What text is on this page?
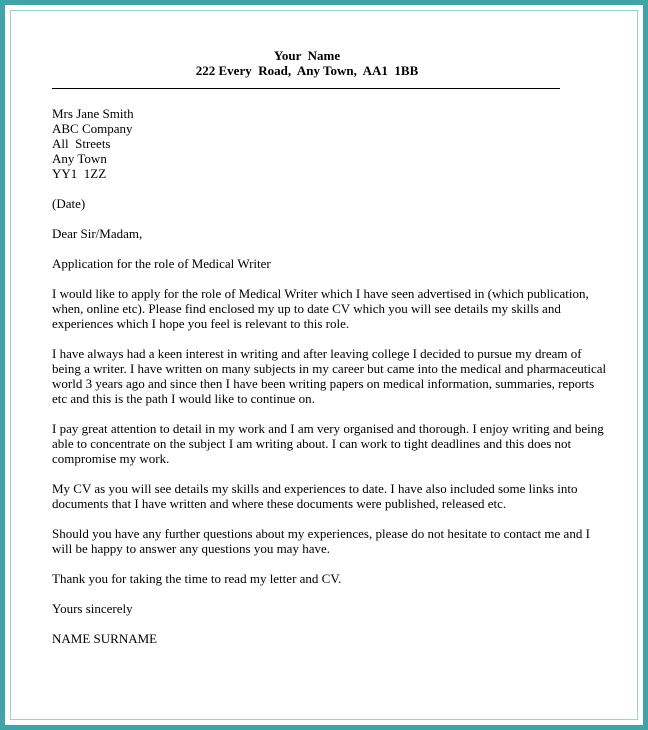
Your  Name
222 Every  Road,  Any Town,  AA1  1BB
Mrs Jane Smith
ABC Company
All  Streets
Any Town
YY1  1ZZ

(Date)

Dear Sir/Madam,

Application for the role of Medical Writer

I would like to apply for the role of Medical Writer which I have seen advertised in (which publication, when, online etc). Please find enclosed my up to date CV which you will see details my skills and experiences which I hope you feel is relevant to this role.

I have always had a keen interest in writing and after leaving college I decided to pursue my dream of being a writer. I have written on many subjects in my career but came into the medical and pharmaceutical world 3 years ago and since then I have been writing papers on medical information, summaries, reports etc and this is the path I would like to continue on.

I pay great attention to detail in my work and I am very organised and thorough. I enjoy writing and being able to concentrate on the subject I am writing about. I can work to tight deadlines and this does not compromise my work.

My CV as you will see details my skills and experiences to date. I have also included some links into documents that I have written and where these documents were published, released etc.

Should you have any further questions about my experiences, please do not hesitate to contact me and I will be happy to answer any questions you may have.

Thank you for taking the time to read my letter and CV.

Yours sincerely

NAME SURNAME
